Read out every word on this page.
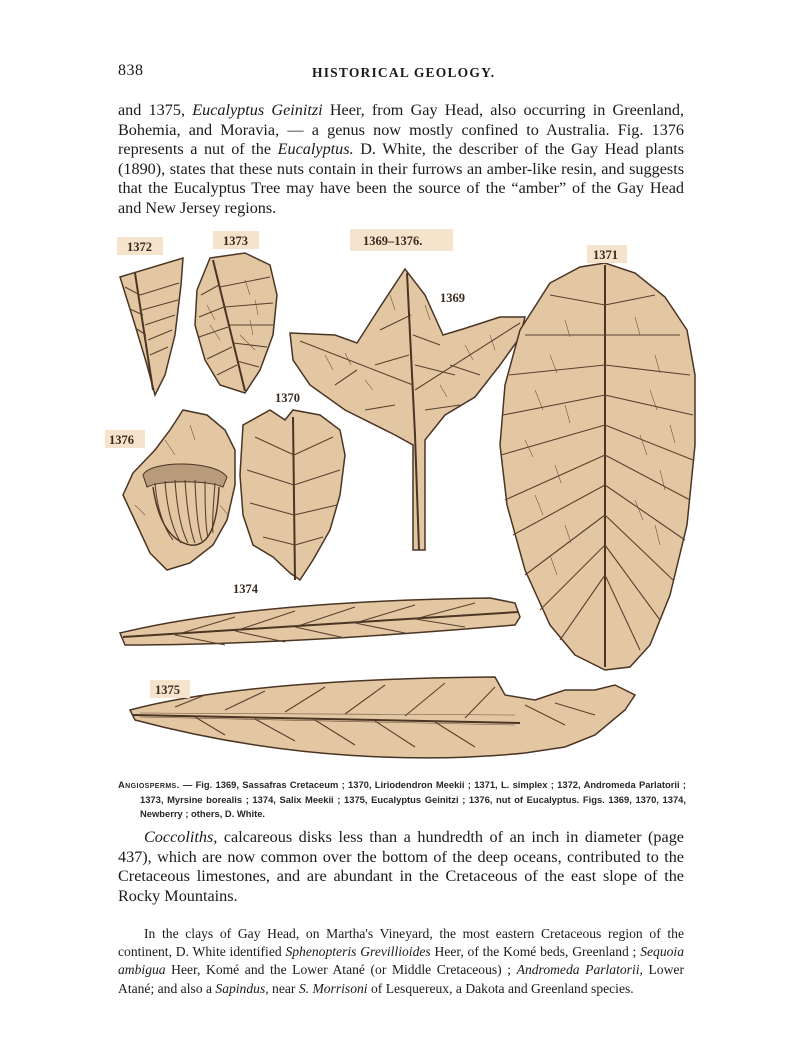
838	HISTORICAL GEOLOGY.

and 1375, Eucalyptus Geinitzi Heer, from Gay Head, also occurring in Greenland, Bohemia, and Moravia, — a genus now mostly confined to Australia. Fig. 1376 represents a nut of the Eucalyptus. D. White, the describer of the Gay Head plants (1890), states that these nuts contain in their furrows an amber-like resin, and suggests that the Eucalyptus Tree may have been the source of the “amber” of the Gay Head and New Jersey regions.

1372	1373	1369–1376.
1371
1369
1370
1376
1374
1375

Angiosperms. — Fig. 1369, Sassafras Cretaceum ; 1370, Liriodendron Meekii ; 1371, L. simplex ; 1372, Andromeda Parlatorii ; 1373, Myrsine borealis ; 1374, Salix Meekii ; 1375, Eucalyptus Geinitzi ; 1376, nut of Eucalyptus. Figs. 1369, 1370, 1374, Newberry ; others, D. White.

Coccoliths, calcareous disks less than a hundredth of an inch in diameter (page 437), which are now common over the bottom of the deep oceans, contributed to the Cretaceous limestones, and are abundant in the Cretaceous of the east slope of the Rocky Mountains.

In the clays of Gay Head, on Martha's Vineyard, the most eastern Cretaceous region of the continent, D. White identified Sphenopteris Grevillioides Heer, of the Komé beds, Greenland ; Sequoia ambigua Heer, Komé and the Lower Atané (or Middle Cretaceous) ; Andromeda Parlatorii, Lower Atané; and also a Sapindus, near S. Morrisoni of Lesquereux, a Dakota and Greenland species.
